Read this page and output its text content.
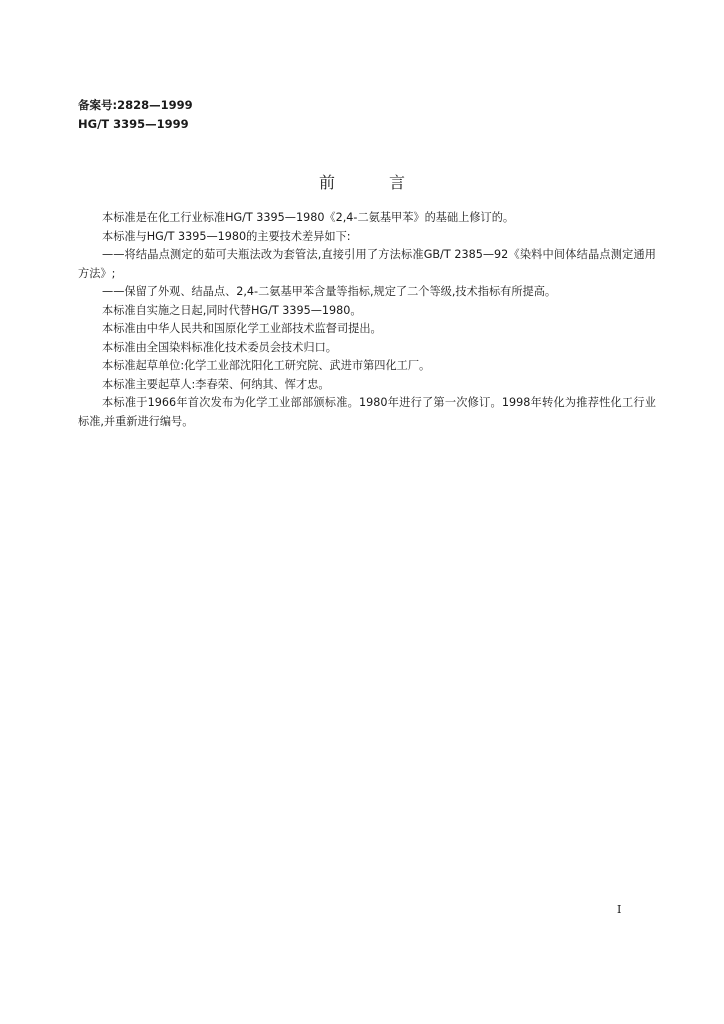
备案号:2828—1999
HG/T 3395—1999
前言

本标准是在化工行业标准HG/T 3395—1980《2,4-二氨基甲苯》的基础上修订的。

本标准与HG/T 3395—1980的主要技术差异如下:

——将结晶点测定的茹可夫瓶法改为套管法,直接引用了方法标准GB/T 2385—92《染料中间体结晶点测定通用方法》;

——保留了外观、结晶点、2,4-二氨基甲苯含量等指标,规定了二个等级,技术指标有所提高。

本标准自实施之日起,同时代替HG/T 3395—1980。

本标准由中华人民共和国原化学工业部技术监督司提出。

本标准由全国染料标准化技术委员会技术归口。

本标准起草单位:化学工业部沈阳化工研究院、武进市第四化工厂。

本标准主要起草人:李春荣、何纳其、恽才忠。

本标准于1966年首次发布为化学工业部部颁标准。1980年进行了第一次修订。1998年转化为推荐性化工行业标准,并重新进行编号。

I
